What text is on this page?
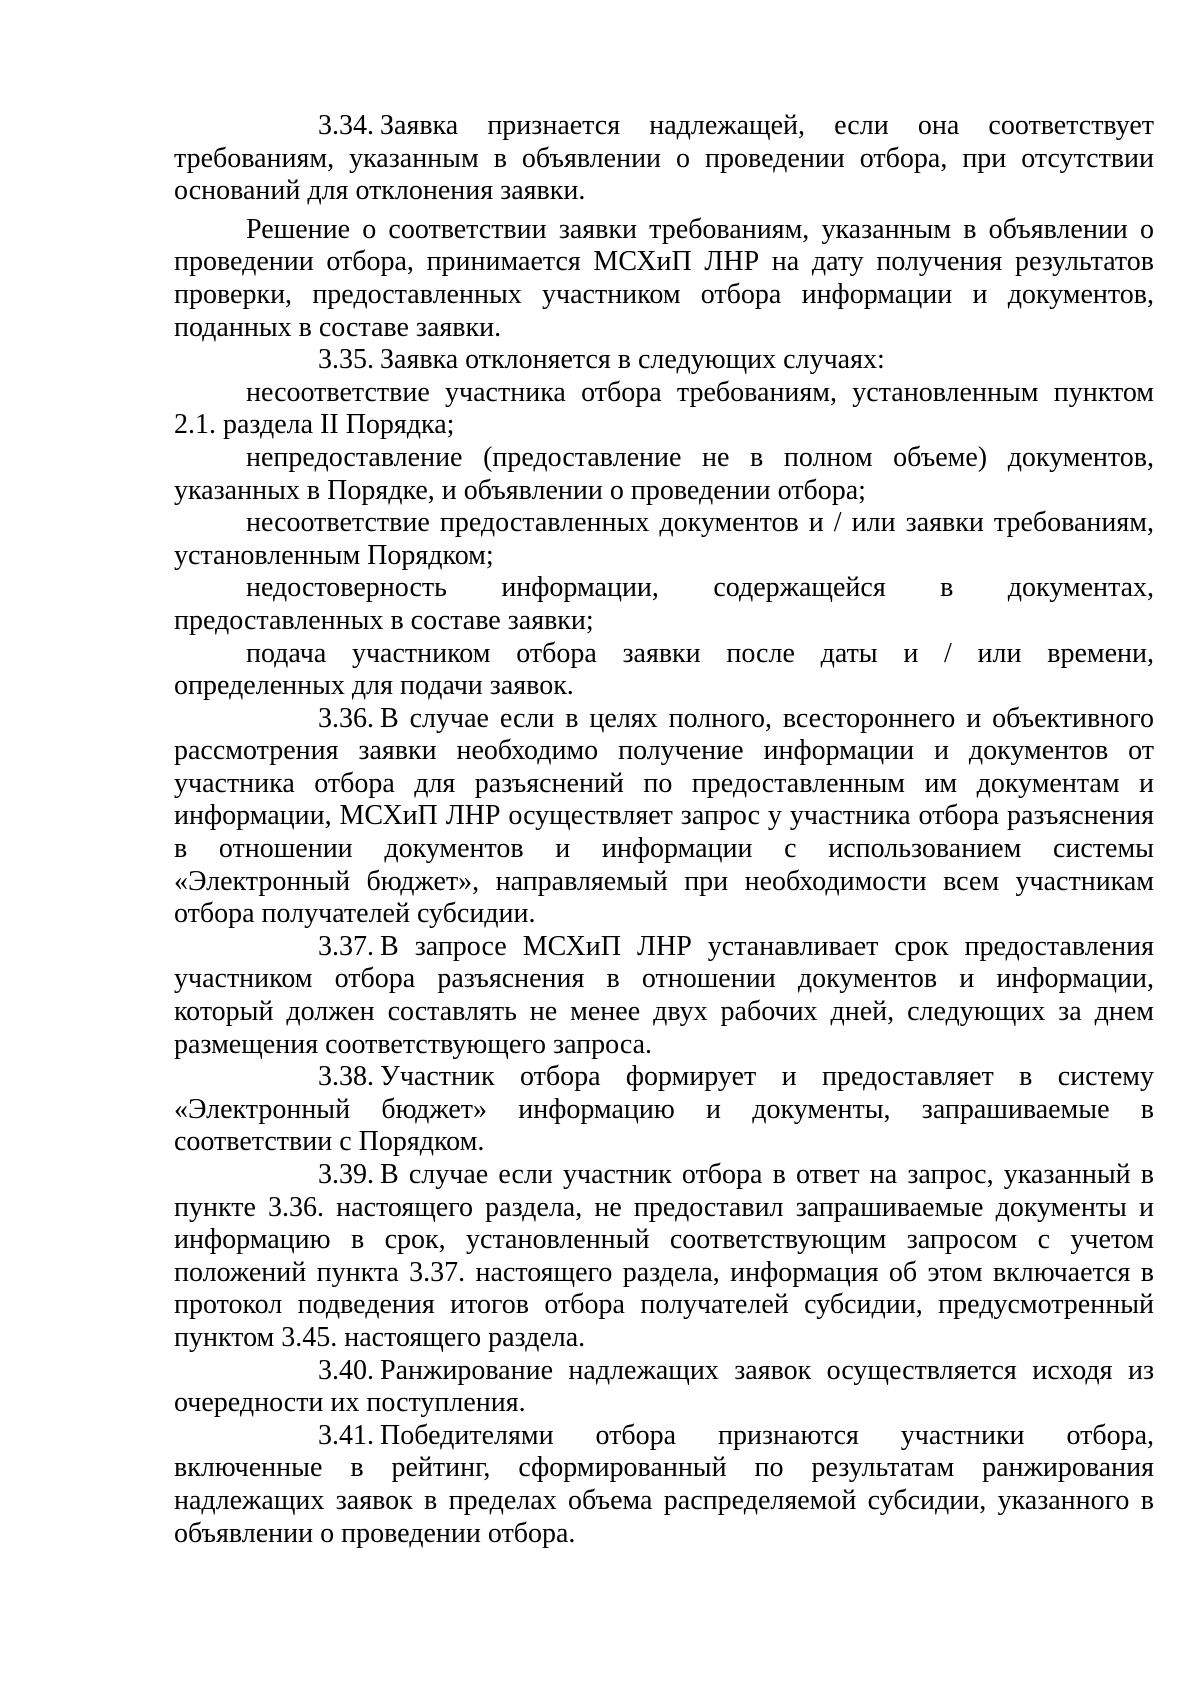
3.34. Заявка признается надлежащей, если она соответствует требованиям, указанным в объявлении о проведении отбора, при отсутствии оснований для отклонения заявки.

Решение о соответствии заявки требованиям, указанным в объявлении о проведении отбора, принимается МСХиП ЛНР на дату получения результатов проверки, предоставленных участником отбора информации и документов, поданных в составе заявки.

3.35. Заявка отклоняется в следующих случаях:

несоответствие участника отбора требованиям, установленным пунктом 2.1. раздела II Порядка;

непредоставление (предоставление не в полном объеме) документов, указанных в Порядке, и объявлении о проведении отбора;

несоответствие предоставленных документов и / или заявки требованиям, установленным Порядком;

недостоверность информации, содержащейся в документах, предоставленных в составе заявки;

подача участником отбора заявки после даты и / или времени, определенных для подачи заявок.

3.36. В случае если в целях полного, всестороннего и объективного рассмотрения заявки необходимо получение информации и документов от участника отбора для разъяснений по предоставленным им документам и информации, МСХиП ЛНР осуществляет запрос у участника отбора разъяснения в отношении документов и информации с использованием системы «Электронный бюджет», направляемый при необходимости всем участникам отбора получателей субсидии.

3.37. В запросе МСХиП ЛНР устанавливает срок предоставления участником отбора разъяснения в отношении документов и информации, который должен составлять не менее двух рабочих дней, следующих за днем размещения соответствующего запроса.

3.38. Участник отбора формирует и предоставляет в систему «Электронный бюджет» информацию и документы, запрашиваемые в соответствии с Порядком.

3.39. В случае если участник отбора в ответ на запрос, указанный в пункте 3.36. настоящего раздела, не предоставил запрашиваемые документы и информацию в срок, установленный соответствующим запросом с учетом положений пункта 3.37. настоящего раздела, информация об этом включается в протокол подведения итогов отбора получателей субсидии, предусмотренный пунктом 3.45. настоящего раздела.

3.40. Ранжирование надлежащих заявок осуществляется исходя из очередности их поступления.

3.41. Победителями отбора признаются участники отбора, включенные в рейтинг, сформированный по результатам ранжирования надлежащих заявок в пределах объема распределяемой субсидии, указанного в объявлении о проведении отбора.
